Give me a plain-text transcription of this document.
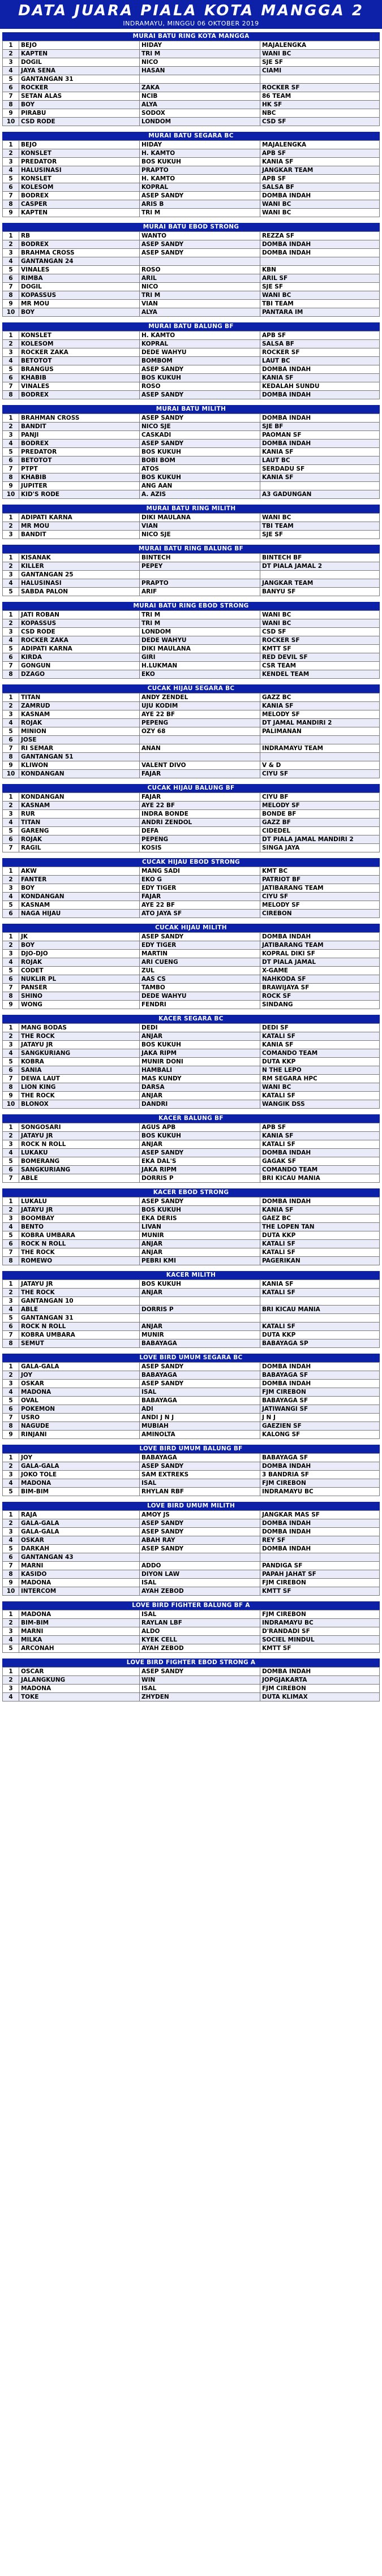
DATA JUARA PIALA KOTA MANGGA 2
INDRAMAYU, MINGGU 06 OKTOBER 2019
MURAI BATU RING KOTA MANGGA
1	BEJO	HIDAY	MAJALENGKA
2	KAPTEN	TRI M	WANI BC
3	DOGIL	NICO	SJE SF
4	JAYA SENA	HASAN	CIAMI
5	GANTANGAN 31		
6	ROCKER	ZAKA	ROCKER SF
7	SETAN ALAS	NCIB	86 TEAM
8	BOY	ALYA	HK SF
9	PIRABU	SODOX	NBC
10	CSD RODE	LONDOM	CSD SF
MURAI BATU SEGARA BC
1	BEJO	HIDAY	MAJALENGKA
2	KONSLET	H. KAMTO	APB SF
3	PREDATOR	BOS KUKUH	KANIA SF
4	HALUSINASI	PRAPTO	JANGKAR TEAM
5	KONSLET	H. KAMTO	APB SF
6	KOLESOM	KOPRAL	SALSA BF
7	BODREX	ASEP SANDY	DOMBA INDAH
8	CASPER	ARIS B	WANI BC
9	KAPTEN	TRI M	WANI BC
MURAI BATU EBOD STRONG
1	RB	WANTO	REZZA SF
2	BODREX	ASEP SANDY	DOMBA INDAH
3	BRAHMA CROSS	ASEP SANDY	DOMBA INDAH
4	GANTANGAN 24		
5	VINALES	ROSO	KBN
6	RIMBA	ARIL	ARIL SF
7	DOGIL	NICO	SJE SF
8	KOPASSUS	TRI M	WANI BC
9	MR MOU	VIAN	TBI TEAM
10	BOY	ALYA	PANTARA IM
MURAI BATU BALUNG BF
1	KONSLET	H. KAMTO	APB SF
2	KOLESOM	KOPRAL	SALSA BF
3	ROCKER ZAKA	DEDE WAHYU	ROCKER SF
4	BETOTOT	BOMBOM	LAUT BC
5	BRANGUS	ASEP SANDY	DOMBA INDAH
6	KHABIB	BOS KUKUH	KANIA SF
7	VINALES	ROSO	KEDALAH SUNDU
8	BODREX	ASEP SANDY	DOMBA INDAH
MURAI BATU MILITH
1	BRAHMAN CROSS	ASEP SANDY	DOMBA INDAH
2	BANDIT	NICO SJE	SJE BF
3	PANJI	CASKADI	PAOMAN SF
4	BODREX	ASEP SANDY	DOMBA INDAH
5	PREDATOR	BOS KUKUH	KANIA SF
6	BETOTOT	BOBI BOM	LAUT BC
7	PTPT	ATOS	SERDADU SF
8	KHABIB	BOS KUKUH	KANIA SF
9	JUPITER	ANG AAN	
10	KID'S RODE	A. AZIS	A3 GADUNGAN
MURAI BATU RING MILITH
1	ADIPATI KARNA	DIKI MAULANA	WANI BC
2	MR MOU	VIAN	TBI TEAM
3	BANDIT	NICO SJE	SJE SF
MURAI BATU RING BALUNG BF
1	KISANAK	BINTECH	BINTECH BF
2	KILLER	PEPEY	DT PIALA JAMAL 2
3	GANTANGAN 25		
4	HALUSINASI	PRAPTO	JANGKAR TEAM
5	SABDA PALON	ARIF	BANYU SF
MURAI BATU RING EBOD STRONG
1	JATI ROBAN	TRI M	WANI BC
2	KOPASSUS	TRI M	WANI BC
3	CSD RODE	LONDOM	CSD SF
4	ROCKER ZAKA	DEDE WAHYU	ROCKER SF
5	ADIPATI KARNA	DIKI MAULANA	KMTT SF
6	KIRDA	GIRI	RED DEVIL SF
7	GONGUN	H.LUKMAN	CSR TEAM
8	DZAGO	EKO	KENDEL TEAM
CUCAK HIJAU SEGARA BC
1	TITAN	ANDY ZENDEL	GAZZ BC
2	ZAMRUD	UJU KODIM	KANIA SF
3	KASNAM	AYE 22 BF	MELODY SF
4	ROJAK	PEPENG	DT JAMAL MANDIRI 2
5	MINION	OZY 68	PALIMANAN
6	JOSE		
7	RI SEMAR	ANAN	INDRAMAYU TEAM
8	GANTANGAN 51		
9	KLIWON	VALENT DIVO	V & D
10	KONDANGAN	FAJAR	CIYU SF
CUCAK HIJAU BALUNG BF
1	KONDANGAN	FAJAR	CIYU BF
2	KASNAM	AYE 22 BF	MELODY SF
3	RUR	INDRA BONDE	BONDE BF
4	TITAN	ANDRI ZENDOL	GAZZ BF
5	GARENG	DEFA	CIDEDEL
6	ROJAK	PEPENG	DT PIALA JAMAL MANDIRI 2
7	RAGIL	KOSIS	SINGA JAYA
CUCAK HIJAU EBOD STRONG
1	AKW	MANG SADI	KMT BC
2	FANTER	EKO G	PATRIOT BF
3	BOY	EDY TIGER	JATIBARANG TEAM
4	KONDANGAN	FAJAR	CIYU SF
5	KASNAM	AYE 22 BF	MELODY SF
6	NAGA HIJAU	ATO JAYA SF	CIREBON
CUCAK HIJAU MILITH
1	JK	ASEP SANDY	DOMBA INDAH
2	BOY	EDY TIGER	JATIBARANG TEAM
3	DJO-DJO	MARTIN	KOPRAL DIKI SF
4	ROJAK	ARI CUENG	DT PIALA JAMAL
5	CODET	ZUL	X-GAME
6	NUKLIR PL	AAS CS	NAHKODA SF
7	PANSER	TAMBO	BRAWIJAYA SF
8	SHINO	DEDE WAHYU	ROCK SF
9	WONG	FENDRI	SINDANG
KACER SEGARA BC
1	MANG BODAS	DEDI	DEDI SF
2	THE ROCK	ANJAR	KATALI SF
3	JATAYU JR	BOS KUKUH	KANIA SF
4	SANGKURIANG	JAKA RIPM	COMANDO TEAM
5	KOBRA	MUNIR DONI	DUTA KKP
6	SANIA	HAMBALI	N THE LEPO
7	DEWA LAUT	MAS KUNDY	RM SEGARA HPC
8	LION KING	DARSA	WANI BC
9	THE ROCK	ANJAR	KATALI SF
10	BLONOX	DANDRI	WANGIK DSS
KACER BALUNG BF
1	SONGOSARI	AGUS APB	APB SF
2	JATAYU JR	BOS KUKUH	KANIA SF
3	ROCK N ROLL	ANJAR	KATALI SF
4	LUKAKU	ASEP SANDY	DOMBA INDAH
5	BOMERANG	EKA DAL'S	GAGAK SF
6	SANGKURIANG	JAKA RIPM	COMANDO TEAM
7	ABLE	DORRIS P	BRI KICAU MANIA
KACER EBOD STRONG
1	LUKALU	ASEP SANDY	DOMBA INDAH
2	JATAYU JR	BOS KUKUH	KANIA SF
3	BOOMBAY	EKA DERIS	GAEZ BC
4	BENTO	LIVAN	THE LOPEN TAN
5	KOBRA UMBARA	MUNIR	DUTA KKP
6	ROCK N ROLL	ANJAR	KATALI SF
7	THE ROCK	ANJAR	KATALI SF
8	ROMEWO	PEBRI KMI	PAGERIKAN
KACER MILITH
1	JATAYU JR	BOS KUKUH	KANIA SF
2	THE ROCK	ANJAR	KATALI SF
3	GANTANGAN 10		
4	ABLE	DORRIS P	BRI KICAU MANIA
5	GANTANGAN 31		
6	ROCK N ROLL	ANJAR	KATALI SF
7	KOBRA UMBARA	MUNIR	DUTA KKP
8	SEMUT	BABAYAGA	BABAYAGA SP
LOVE BIRD UMUM SEGARA BC
1	GALA-GALA	ASEP SANDY	DOMBA INDAH
2	JOY	BABAYAGA	BABAYAGA SF
3	OSKAR	ASEP SANDY	DOMBA INDAH
4	MADONA	ISAL	FJM CIREBON
5	OVAL	BABAYAGA	BABAYAGA SF
6	POKEMON	ADI	JATIWANGI SF
7	USRO	ANDI J N J	J N J
8	NAGUDE	MUBIAH	GAEZIEN SF
9	RINJANI	AMINOLTA	KALONG SF
LOVE BIRD UMUM BALUNG BF
1	JOY	BABAYAGA	BABAYAGA SF
2	GALA-GALA	ASEP SANDY	DOMBA INDAH
3	JOKO TOLE	SAM EXTREKS	3 BANDRIA SF
4	MADONA	ISAL	FJM CIREBON
5	BIM-BIM	RHYLAN RBF	INDRAMAYU BC
LOVE BIRD UMUM MILITH
1	RAJA	AMOY JS	JANGKAR MAS SF
2	GALA-GALA	ASEP SANDY	DOMBA INDAH
3	GALA-GALA	ASEP SANDY	DOMBA INDAH
4	OSKAR	ABAH RAY	REY SF
5	DARKAH	ASEP SANDY	DOMBA INDAH
6	GANTANGAN 43		
7	MARNI	ADDO	PANDIGA SF
8	KASIDO	DIYON LAW	PAPAH JAHAT SF
9	MADONA	ISAL	FJM CIREBON
10	INTERCOM	AYAH ZEBOD	KMTT SF
LOVE BIRD FIGHTER BALUNG BF A
1	MADONA	ISAL	FJM CIREBON
2	BIM-BIM	RAYLAN LBF	INDRAMAYU BC
3	MARNI	ALDO	D'RANDADI SF
4	MILKA	KYEK CELL	SOCIEL MINDUL
5	ARCONAH	AYAH ZEBOD	KMTT SF
LOVE BIRD FIGHTER EBOD STRONG A
1	OSCAR	ASEP SANDY	DOMBA INDAH
2	JALANGKUNG	WIN	JOPGJAKARTA
3	MADONA	ISAL	FJM CIREBON
4	TOKE	ZHYDEN	DUTA KLIMAX
